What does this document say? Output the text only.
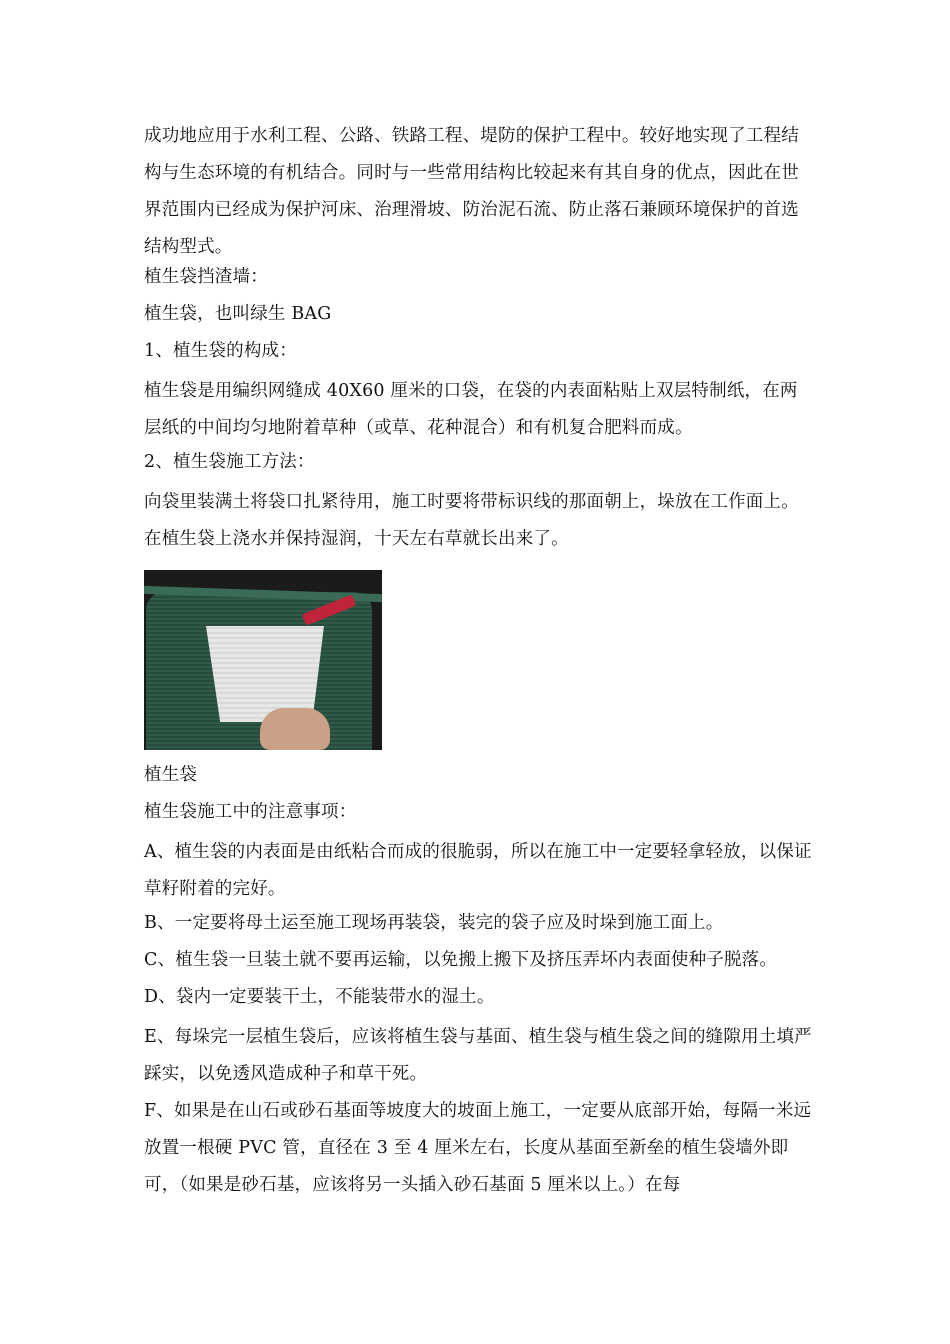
成功地应用于水利工程、公路、铁路工程、堤防的保护工程中。较好地实现了工程结构与生态环境的有机结合。同时与一些常用结构比较起来有其自身的优点，因此在世界范围内已经成为保护河床、治理滑坡、防治泥石流、防止落石兼顾环境保护的首选结构型式。

植生袋挡渣墙：

植生袋，也叫绿生 BAG

1、植生袋的构成：

植生袋是用编织网缝成 40X60 厘米的口袋，在袋的内表面粘贴上双层特制纸，在两层纸的中间均匀地附着草种（或草、花种混合）和有机复合肥料而成。

2、植生袋施工方法：

向袋里装满土将袋口扎紧待用，施工时要将带标识线的那面朝上，垛放在工作面上。在植生袋上浇水并保持湿润，十天左右草就长出来了。

植生袋

植生袋施工中的注意事项：

A、植生袋的内表面是由纸粘合而成的很脆弱，所以在施工中一定要轻拿轻放，以保证草籽附着的完好。

B、一定要将母土运至施工现场再装袋，装完的袋子应及时垛到施工面上。

C、植生袋一旦装土就不要再运输，以免搬上搬下及挤压弄坏内表面使种子脱落。

D、袋内一定要装干土，不能装带水的湿土。

E、每垛完一层植生袋后，应该将植生袋与基面、植生袋与植生袋之间的缝隙用土填严踩实，以免透风造成种子和草干死。

F、如果是在山石或砂石基面等坡度大的坡面上施工，一定要从底部开始，每隔一米远放置一根硬 PVC 管，直径在 3 至 4 厘米左右，长度从基面至新垒的植生袋墙外即可，（如果是砂石基，应该将另一头插入砂石基面 5 厘米以上。）在每
